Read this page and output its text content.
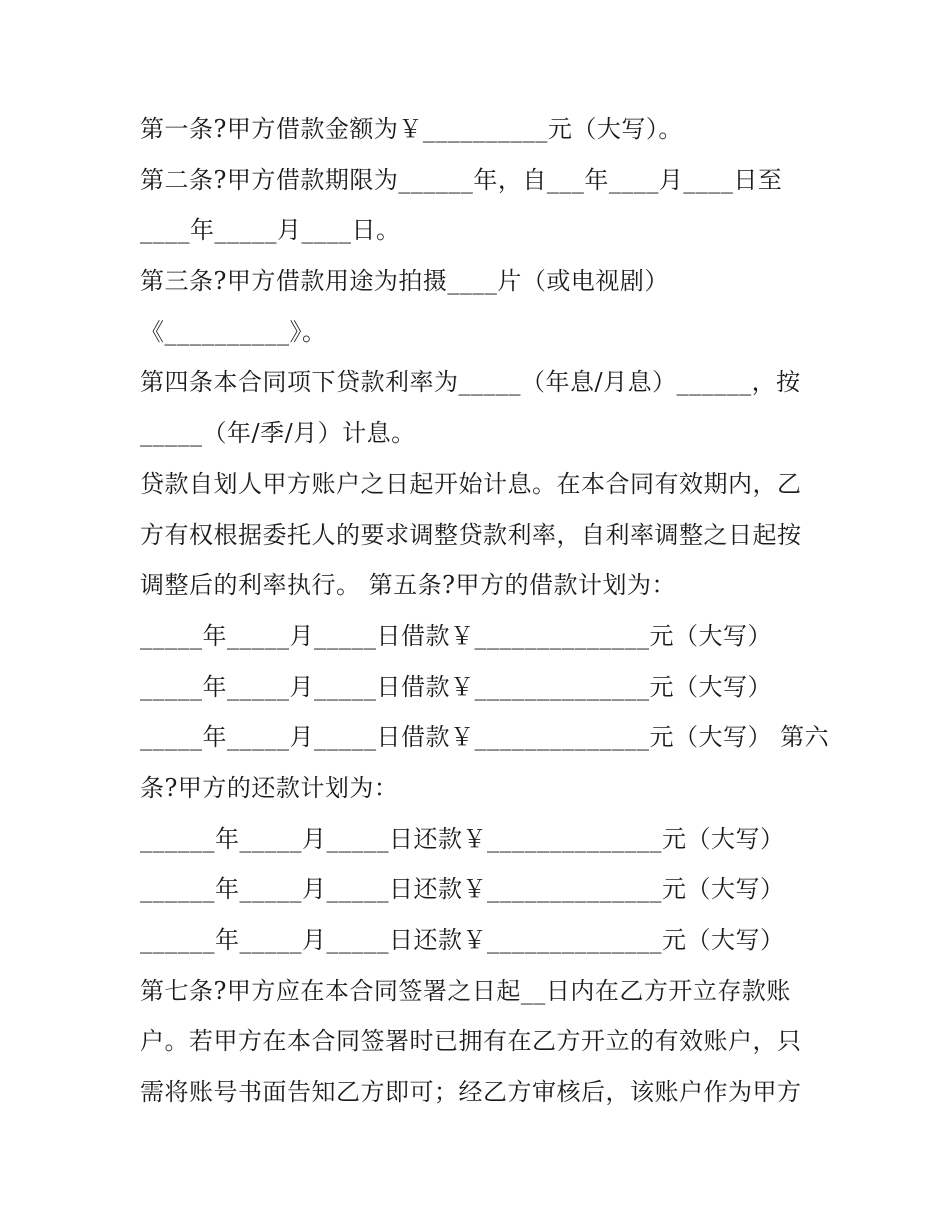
第一条?甲方借款金额为￥__________元（大写）。
第二条?甲方借款期限为______年，自___年____月____日至
____年_____月____日。
第三条?甲方借款用途为拍摄____片（或电视剧）
《__________》。
第四条本合同项下贷款利率为_____（年息/月息）______，按
_____（年/季/月）计息。
贷款自划人甲方账户之日起开始计息。在本合同有效期内，乙
方有权根据委托人的要求调整贷款利率，自利率调整之日起按
调整后的利率执行。 第五条?甲方的借款计划为：
_____年_____月_____日借款￥______________元（大写）
_____年_____月_____日借款￥______________元（大写）
_____年_____月_____日借款￥______________元（大写） 第六
条?甲方的还款计划为：
______年_____月_____日还款￥______________元（大写）
______年_____月_____日还款￥______________元（大写）
______年_____月_____日还款￥______________元（大写）
第七条?甲方应在本合同签署之日起__日内在乙方开立存款账
户。若甲方在本合同签署时已拥有在乙方开立的有效账户，只
需将账号书面告知乙方即可；经乙方审核后，该账户作为甲方
